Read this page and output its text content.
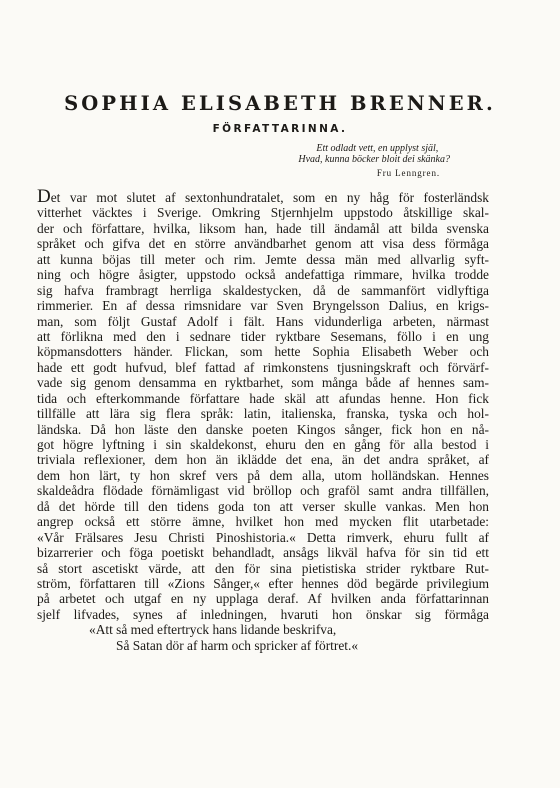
SOPHIA ELISABETH BRENNER.
FÖRFATTARINNA.
Ett odladt vett, en upplyst själ,
Hvad, kunna böcker bloit dei skänka?
Fru Lenngren.
Det var mot slutet af sextonhundratalet, som en ny håg för fosterländsk
vitterhet väcktes i Sverige. Omkring Stjernhjelm uppstodo åtskillige skal-
der och författare, hvilka, liksom han, hade till ändamål att bilda svenska
språket och gifva det en större användbarhet genom att visa dess förmåga
att kunna böjas till meter och rim. Jemte dessa män med allvarlig syft-
ning och högre åsigter, uppstodo också andefattiga rimmare, hvilka trodde
sig hafva frambragt herrliga skaldestycken, då de sammanfört vidlyftiga
rimmerier. En af dessa rimsnidare var Sven Bryngelsson Dalius, en krigs-
man, som följt Gustaf Adolf i fält. Hans vidunderliga arbeten, närmast
att förlikna med den i sednare tider ryktbare Sesemans, föllo i en ung
köpmansdotters händer. Flickan, som hette Sophia Elisabeth Weber och
hade ett godt hufvud, blef fattad af rimkonstens tjusningskraft och förvärf-
vade sig genom densamma en ryktbarhet, som många både af hennes sam-
tida och efterkommande författare hade skäl att afundas henne. Hon fick
tillfälle att lära sig flera språk: latin, italienska, franska, tyska och hol-
ländska. Då hon läste den danske poeten Kingos sånger, fick hon en nå-
got högre lyftning i sin skaldekonst, ehuru den en gång för alla bestod i
triviala reflexioner, dem hon än iklädde det ena, än det andra språket, af
dem hon lärt, ty hon skref vers på dem alla, utom holländskan. Hennes
skaldeådra flödade förnämligast vid bröllop och graföl samt andra tillfällen,
då det hörde till den tidens goda ton att verser skulle vankas. Men hon
angrep också ett större ämne, hvilket hon med mycken flit utarbetade:
«Vår Frälsares Jesu Christi Pinoshistoria.« Detta rimverk, ehuru fullt af
bizarrerier och föga poetiskt behandladt, ansågs likväl hafva för sin tid ett
så stort ascetiskt värde, att den för sina pietistiska strider ryktbare Rut-
ström, författaren till «Zions Sånger,« efter hennes död begärde privilegium
på arbetet och utgaf en ny upplaga deraf. Af hvilken anda författarinnan
sjelf lifvades, synes af inledningen, hvaruti hon önskar sig förmåga
«Att så med eftertryck hans lidande beskrifva,
Så Satan dör af harm och spricker af förtret.«
